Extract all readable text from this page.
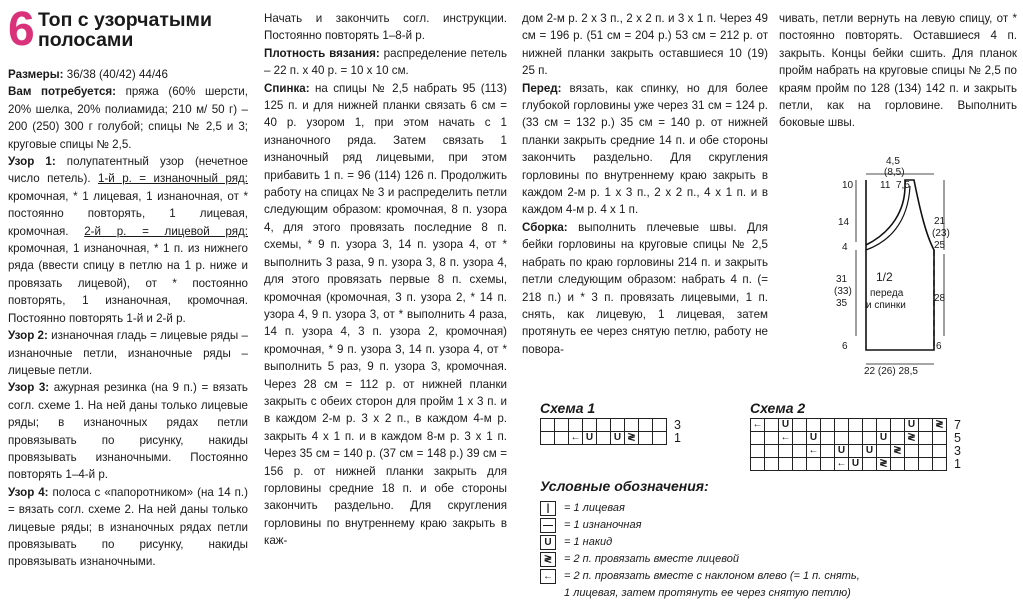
6 Топ с узорчатыми
полосами

Размеры: 36/38 (40/42) 44/46

Вам потребуется: пряжа (60% шерсти, 20% шелка, 20% полиамида; 210 м/ 50 г) – 200 (250) 300 г голубой; спицы № 2,5 и 3; круговые спицы № 2,5.

Узор 1: полупатентный узор (нечетное число петель). 1-й р. = изнаночный ряд: кромочная, * 1 лицевая, 1 изнаночная, от * постоянно повторять, 1 лицевая, кромочная. 2-й р. = лицевой ряд: кромочная, 1 изнаночная, * 1 п. из нижнего ряда (ввести спицу в петлю на 1 р. ниже и провязать лицевой), от * постоянно повторять, 1 изнаночная, кромочная. Постоянно повторять 1-й и 2-й р.

Узор 2: изнаночная гладь = лицевые ряды – изнаночные петли, изнаночные ряды – лицевые петли.

Узор 3: ажурная резинка (на 9 п.) = вязать согл. схеме 1. На ней даны только лицевые ряды; в изнаночных рядах петли провязывать по рисунку, накиды провязывать изнаночными. Постоянно повторять 1–4-й р.

Узор 4: полоса с «папоротником» (на 14 п.) = вязать согл. схеме 2. На ней даны только лицевые ряды; в изнаночных рядах петли провязывать по рисунку, накиды провязывать изнаночными.

Начать и закончить согл. инструкции. Постоянно повторять 1–8-й р.

Плотность вязания: распределение петель – 22 п. х 40 р. = 10 х 10 см.

Спинка: на спицы № 2,5 набрать 95 (113) 125 п. и для нижней планки связать 6 см = 40 р. узором 1, при этом начать с 1 изнаночного ряда. Затем связать 1 изнаночный ряд лицевыми, при этом прибавить 1 п. = 96 (114) 126 п. Продолжить работу на спицах № 3 и распределить петли следующим образом: кромочная, 8 п. узора 4, для этого провязать последние 8 п. схемы, * 9 п. узора 3, 14 п. узора 4, от * выполнить 3 раза, 9 п. узора 3, 8 п. узора 4, для этого провязать первые 8 п. схемы, кромочная (кромочная, 3 п. узора 2, * 14 п. узора 4, 9 п. узора 3, от * выполнить 4 раза, 14 п. узора 4, 3 п. узора 2, кромочная) кромочная, * 9 п. узора 3, 14 п. узора 4, от * выполнить 5 раз, 9 п. узора 3, кромочная. Через 28 см = 112 р. от нижней планки закрыть с обеих сторон для пройм 1 х 3 п. и в каждом 2-м р. 3 х 2 п., в каждом 4-м р. закрыть 4 х 1 п. и в каждом 8-м р. 3 х 1 п. Через 35 см = 140 р. (37 см = 148 р.) 39 см = 156 р. от нижней планки закрыть для горловины средние 18 п. и обе стороны закончить раздельно. Для скругления горловины по внутреннему краю закрыть в каж-

дом 2-м р. 2 х 3 п., 2 х 2 п. и 3 х 1 п. Через 49 см = 196 р. (51 см = 204 р.) 53 см = 212 р. от нижней планки закрыть оставшиеся 10 (19) 25 п.

Перед: вязать, как спинку, но для более глубокой горловины уже через 31 см = 124 р. (33 см = 132 р.) 35 см = 140 р. от нижней планки закрыть средние 14 п. и обе стороны закончить раздельно. Для скругления горловины по внутреннему краю закрыть в каждом 2-м р. 1 х 3 п., 2 х 2 п., 4 х 1 п. и в каждом 4-м р. 4 х 1 п.

Сборка: выполнить плечевые швы. Для бейки горловины на круговые спицы № 2,5 набрать по краю горловины 214 п. и закрыть петли следующим образом: набрать 4 п. (= 218 п.) и * 3 п. провязать лицевыми, 1 п. снять, как лицевую, 1 лицевая, затем протянуть ее через снятую петлю, работу не повора-

чивать, петли вернуть на левую спицу, от * постоянно повторять. Оставшиеся 4 п. закрыть. Концы бейки сшить. Для планок пройм набрать на круговые спицы № 2,5 по краям пройм по 128 (134) 142 п. и закрыть петли, как на горловине. Выполнить боковые швы.

4,5
(8,5)
10	11 7,5
14
4
31
(33)
35
6
21
(23)
25
28
6
1/2
переда
и спинки
22 (26) 28,5
Схема 1

		←	U		U	≷		
3
1
Схема 2
←		U									U		≷
		←		U					U		≷		
				←		U		U		≷			
						←	U		≷				
7
5
3
1
Условные обозначения:
|	= 1 лицевая
— = 1 изнаночная
U	= 1 накид
≷	= 2 п. провязать вместе лицевой
← = 2 п. провязать вместе с наклоном влево (= 1 п. снять,
1 лицевая, затем протянуть ее через снятую петлю)
